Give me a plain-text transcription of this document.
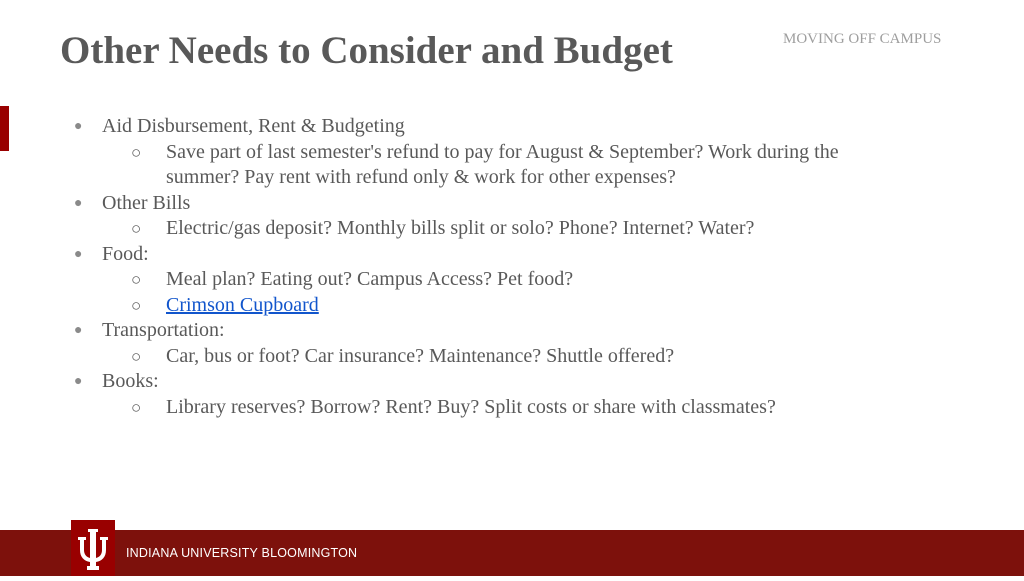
Other Needs to Consider and Budget	MOVING OFF CAMPUS
● Aid Disbursement, Rent & Budgeting
○ Save part of last semester's refund to pay for August & September? Work during the summer? Pay rent with refund only & work for other expenses?
● Other Bills
○ Electric/gas deposit? Monthly bills split or solo? Phone? Internet? Water?
● Food:
○ Meal plan? Eating out? Campus Access? Pet food?
○ Crimson Cupboard
● Transportation:
○ Car, bus or foot? Car insurance? Maintenance? Shuttle offered?
● Books:
○ Library reserves? Borrow? Rent? Buy? Split costs or share with classmates?
INDIANA UNIVERSITY BLOOMINGTON
